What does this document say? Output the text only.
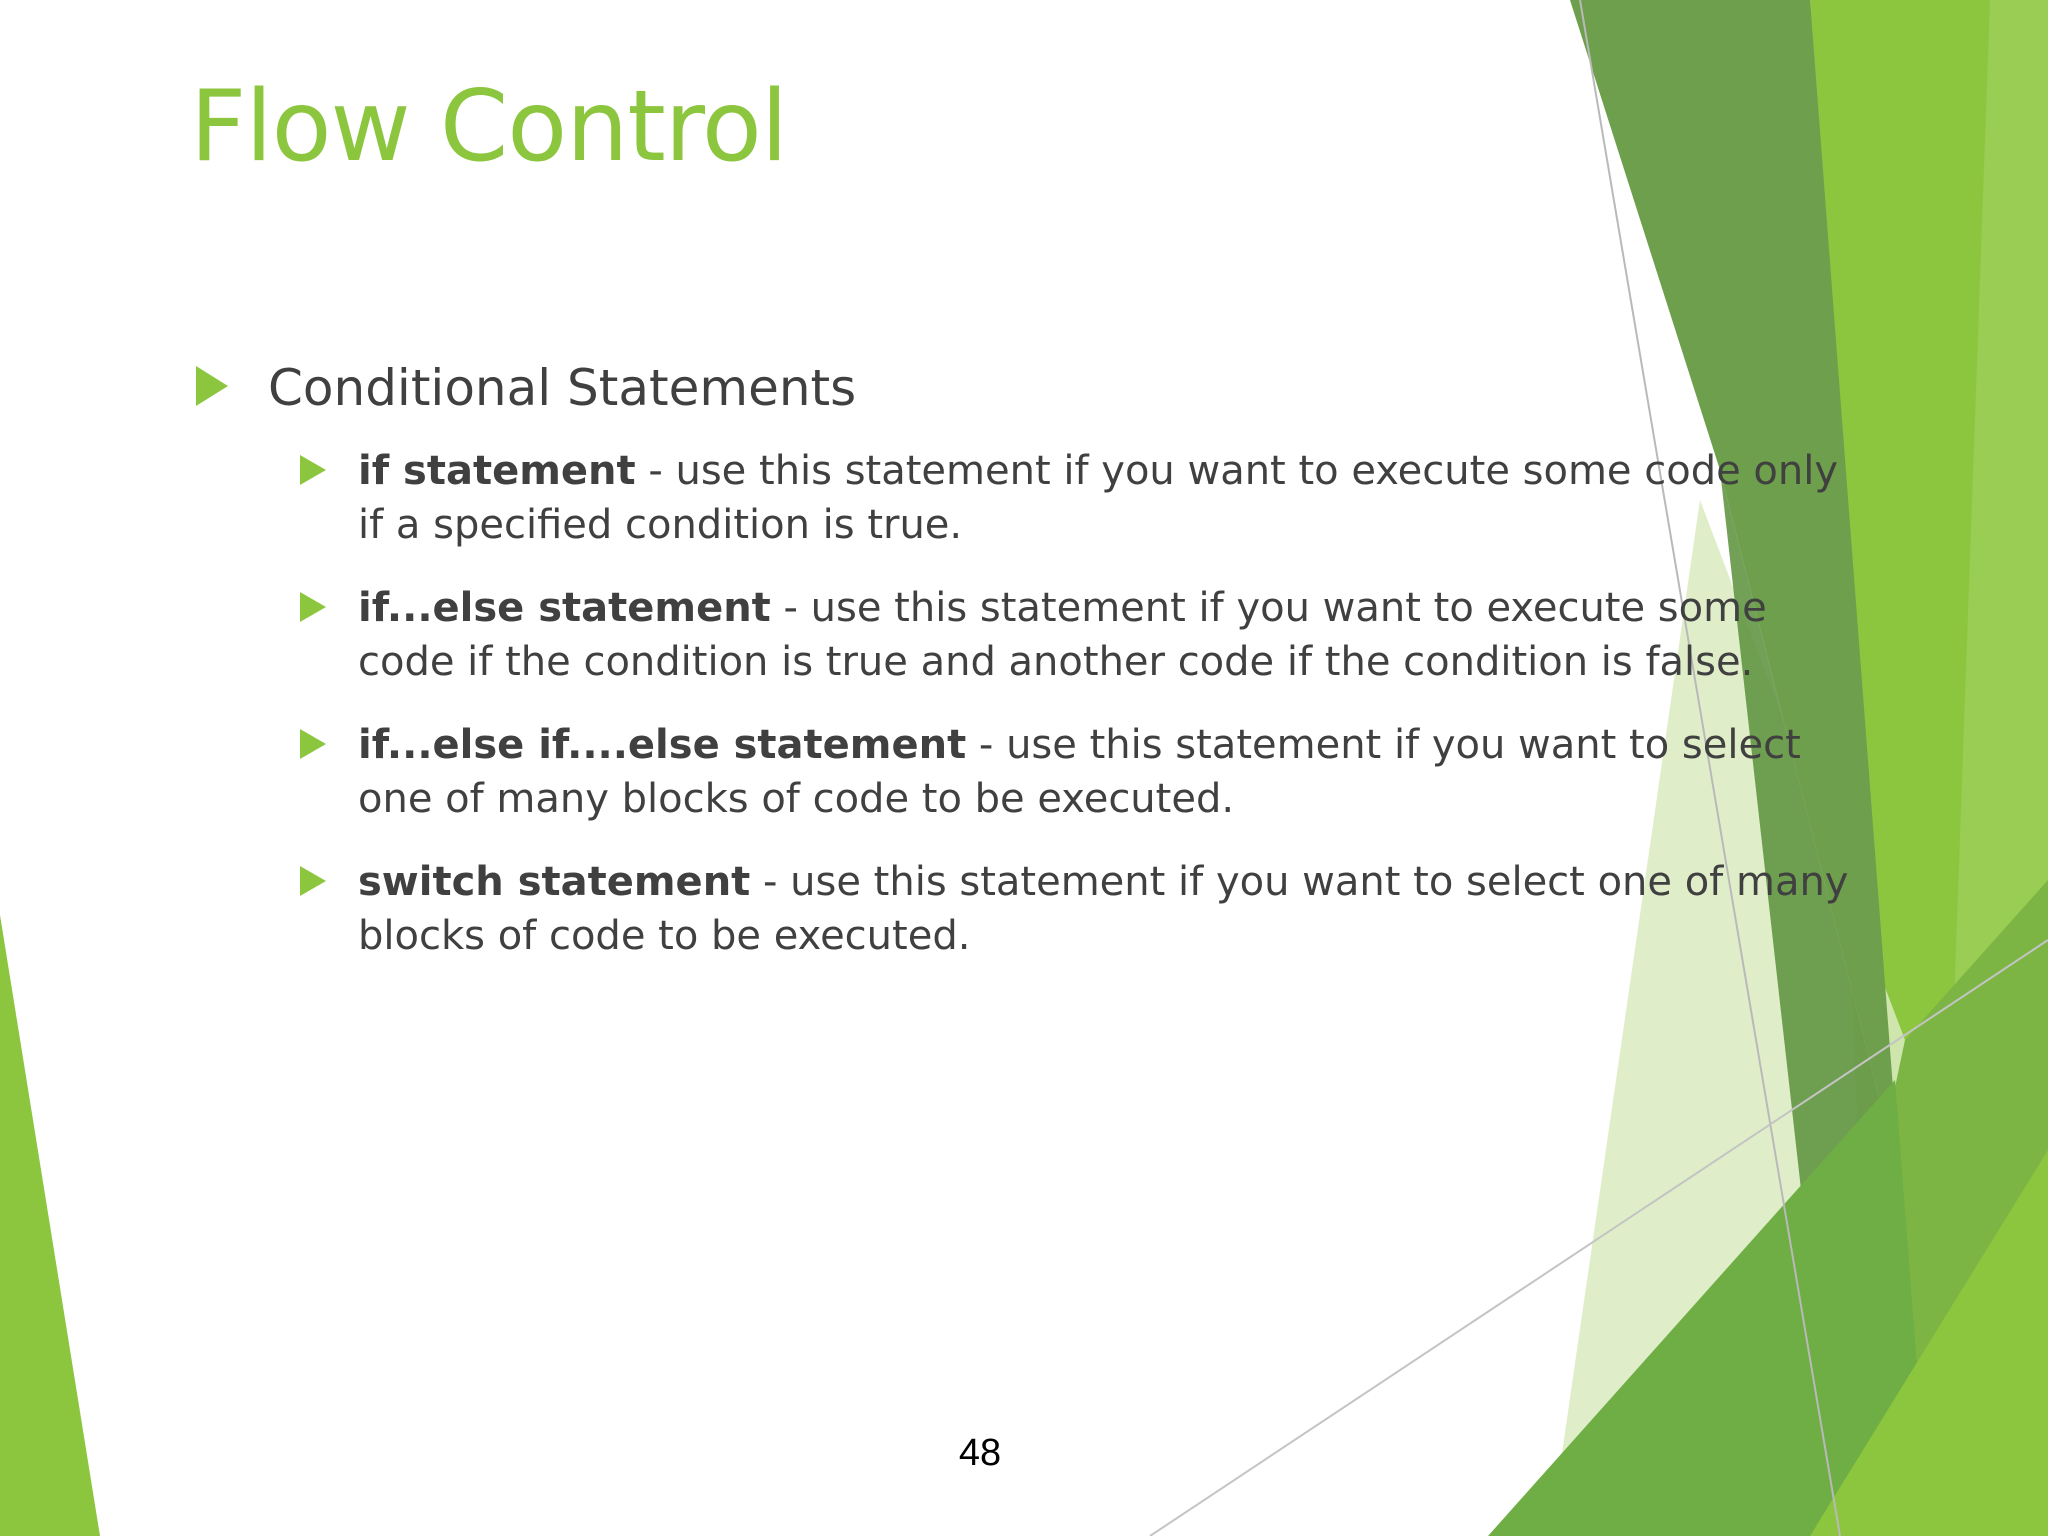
Flow Control
Conditional Statements
if statement - use this statement if you want to execute some code only
if a specified condition is true.
if...else statement - use this statement if you want to execute some
code if the condition is true and another code if the condition is false.
if...else if....else statement - use this statement if you want to select
one of many blocks of code to be executed.
switch statement - use this statement if you want to select one of many
blocks of code to be executed.
48
